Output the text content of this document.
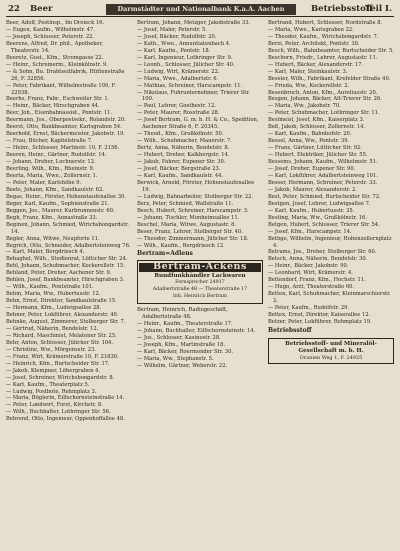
22 Beer	Darmstädter und Nationalbank K.a.A. Aachen	Betriebsstoff
Teil I.

Beer, Adolf, Postinsp., Im Dreieck 16.

— Eugen, Kaufm., Wilhelmstr. 47.

— Joseph, Schlosser, Peterstr. 22.

Beerens, Alfred, Dr. phil., Apotheker, Theaterstr. 14.

Beeretz, Gust., Kfm., Stromgasse 22.

— Heinr., Schreinerm., Kleinkölnstr. 9.

— & Sohn, Bu. Drahtseilfabrik, Hüttenstraße 26, F. 32856.

— Peter, Fabrikant, Wilhelmstraße 109, F. 22938.

Beerhs, Franz, Fabr., Eschweiler Str. 1.

— Heinr., Bäcker, Hirschgraben 44.

Beer, Joh., Eisenbahnassist., Pontstr. 11.

Beermann, Jos., Oberpostsekr., Rolandstr. 20.

Beerst, Otto, Bankbeamter, Karlsgraben 54.

Beerhold, Ernst, Bäckermeister, Jakobstr. 19.

— Frau, Bücher, Kapitelstraße 7.

— Heinr., Schlosser, Martinstr. 10, F. 2156.

Beeren, Heinr., Gärtner, Rudolfstr. 14.

— Johann, Dreher, Lochnerstr. 12.

Beerling, Wilh., Kfm., Rheinstr. 9.

Beerta, Maria, Wwe., Zollernstr. 1.

— Peter, Maler, Karlshöhe 9.

Beets, Johann, Kfm., Sandkaulstr. 62.

Begas, Heinr., Förster, Hohenstaufenallee 30.

Beger, Karl, Kaufm., Sophienstraße 21.

Beggen, Jos., Maurer, Kurbrunnenstr. 60.

Begh, Franz, Kfm., Annastraße 33.

Beginen, Johann, Schmied, Wirichsbongardstr. 14.

Begler, Anna, Witwe, Neupforte 11.

Begrich, Otto, Schneider, Adalbertsteinweg 76.

— Karl, Maler, Bergdriesch 4.

Behaghel, Wilh., Studienrat, Lütticher Str. 24.

Behl, Johann, Schuhmacher, Kockerellstr. 15.

Behland, Peter, Dreher, Aachener Str. 9.

Behlen, Josef, Bankbeamter, Hirschgraben 3.

— Wilh., Kaufm., Pontstraße 101.

Behm, Maria, Ww., Hubertusstr. 12.

Behn, Ernst, Direktor, Sandkaulstraße 15.

— Hermann, Kfm., Ludwigsallee 28.

Behner, Peter, Lokführer, Alexanderstr. 40.

Behnke, August, Zimmerer, Stolberger Str. 7.

— Gertrud, Näherin, Bendelstr. 12.

— Richard, Maschinist, Melatener Str. 25.

Behr, Anton, Schlosser, Jülicher Str. 104.

— Christine, Ww., Mörgensstr. 23.

— Franz, Wirt, Krämerstraße 10, F. 21830.

— Heinrich, Kfm., Burtscheider Str. 17.

— Jakob, Klempner, Löhergraben 4.

— Josef, Schreiner, Wirichsbongardstr. 8.

— Karl, Kaufm., Theaterplatz 5.

— Ludwig, Postbote, Rehmplatz 3.

— Maria, Büglerin, Eilfschornsteinstraße 14.

— Peter, Landwirt, Forst, Kirchstr. 8.

— Wilh., Buchhalter, Lothringer Str. 56.

Behrend, Otto, Ingenieur, Oppenhoffallee 48.

Bertram, Johann, Metzger, Jakobstraße 33.

— Josef, Maler, Peterstr. 5.

— Josef, Bäcker, Rudolfstr. 20.

— Kath., Wwe., Annuntiatenbach 4.

— Karl, Kaufm., Pontstr. 18.

— Karl, Ingenieur, Lothringer Str. 9.

— Leonh., Schlosser, Jülicher Str. 40.

— Ludwig, Wirt, Krämerstr. 22.

— Maria, Wwe., Adalbertstr. 6.

— Mathias, Schreiner, Harscampstr. 11.

— Nikolaus, Fuhrunternehmer, Trierer Str. 100.

— Paul, Lehrer, Goethestr. 12.

— Peter, Maurer, Rosstraße 28.

— Josef Bertram, G. m. b. H. & Co., Spedition, Aachener Straße 6, F. 20345.

— Theod., Kfm., Großkölnstr. 50.

— Wilh., Schuhmacher, Mauerstr. 7.

Bertz, Anna, Näherin, Bendelstr. 8.

— Hubert, Dreher, Kalkbergstr. 14.

— Jakob, Fahrer, Eupener Str. 30.

— Josef, Bäcker, Bergstraße 23.

— Karl, Kaufm., Sandkaulstr. 44.

Berwick, Arnold, Förster, Hohenstaufenallee 19.

— Ludwig, Bahnarbeiter, Stolberger Str. 22.

Berz, Peter, Schmied, Wallstraße 11.

Besch, Hubert, Schreiner, Harscampstr. 3.

— Johann, Tischler, Monheimsallee 11.

Beschel, Maria, Witwe, Augustastr. 8.

Beser, Franz, Lehrer, Stolberger Str. 40.

— Theodor, Zimmermann, Jülicher Str. 18.

— Wilh., Kaufm., Bergdriesch 12.

Bertram=Adlens
Bertram-Ackens
Rundfunkhändler Lackwaren
Fernsprecher 24917
Adalbertstraße 48 — Theaterstraße 17
Inh. Heinrich Bertram

Bertram, Heinrich, Radiogeschäft, Adalbertstraße 48.

— Heinr., Kaufm., Theaterstraße 17.

— Johann, Buchhalter, Eilfschornsteinstr. 14.

— Jos., Schlosser, Kasinostr. 28.

— Joseph, Kfm., Martinstraße 18.

— Karl, Bäcker, Roermonder Str. 30.

— Maria, Ww., Stephanstr. 5.

— Wilhelm, Gärtner, Weberstr. 22.

Bertrand, Hubert, Schlosser, Nordstraße 8.

— Maria, Wwe., Karlsgraben 22.

— Theodor, Kaufm., Wirichsbongardstr. 7.

Berzi, Peter, Architekt, Pontstr. 30.

Besch, Wilh., Bahnbeamter, Burtscheider Str. 5.

Beschorn, Friedr., Lehrer, Augustastr. 11.

— Hubert, Bäcker, Alexanderstr. 17.

— Karl, Maler, Steinkaulstr. 3.

Beseler, Wilh., Fabrikant, Krefelder Straße 40.

— Frieda, Ww., Kockerellstr. 2.

Besenbruch, Anton, Kfm., Aureliusstr. 20.

Besgen, Johann, Bäcker, Alt-Trierer Str. 26.

— Maria, Ww., Jakobstr. 70.

— Peter, Schuhmacher, Lothringer Str. 11.

Beslmeisl, Josef, Kfm., Kaiserplatz 3.

Beß, Jakob, Schlosser, Zollernstr. 14.

— Karl, Kaufm., Bahnhofstr. 20.

Bessel, Anna, Ww., Pontstr. 39.

— Franz, Gärtner, Lütticher Str. 92.

— Hubert, Elektriker, Jülicher Str. 55.

Bessems, Johann, Kaufm., Wilhelmstr. 51.

— Josef, Dreher, Eupener Str. 90.

— Karl, Lokführer, Adalbertsteinweg 101.

Besser, Hermann, Schreiner, Peterstr. 33.

— Jakob, Maurer, Alexanderstr. 2.

Best, Peter, Schmied, Burtscheider Str. 72.

Bestgen, Josef, Lehrer, Ludwigsallee 7.

— Karl, Kaufm., Hubertusstr. 35.

Besting, Maria, Ww., Großkölnstr. 16.

Betgen, Hubert, Schlosser, Trierer Str. 54.

— Josef, Kfm., Harscampstr. 14.

Bethge, Wilhelm, Ingenieur, Hohenzollernplatz 4.

Betrams, Jos., Dreher, Stolberger Str. 60.

Betsch, Anna, Näherin, Bendelstr. 30.

— Heinr., Bäcker, Jakobstr. 90.

— Leonhard, Wirt, Krämerstr. 4.

Bettendorf, Franz, Kfm., Hochstr. 11.

— Hugo, Arzt, Theaterstraße 60.

Betten, Karl, Schuhmacher, Kleinmarschierstr. 2.

— Peter, Kaufm., Rudolfstr. 29.

Bettex, Ernst, Direktor, Kaiserallee 12.

Betzer, Peter, Lokführer, Rehmplatz 19.

Betriebsstoff
Betriebsstoff- und Mineralöl-
Gesellschaft m. b. H.
Oranien Weg 1, F. 24925
